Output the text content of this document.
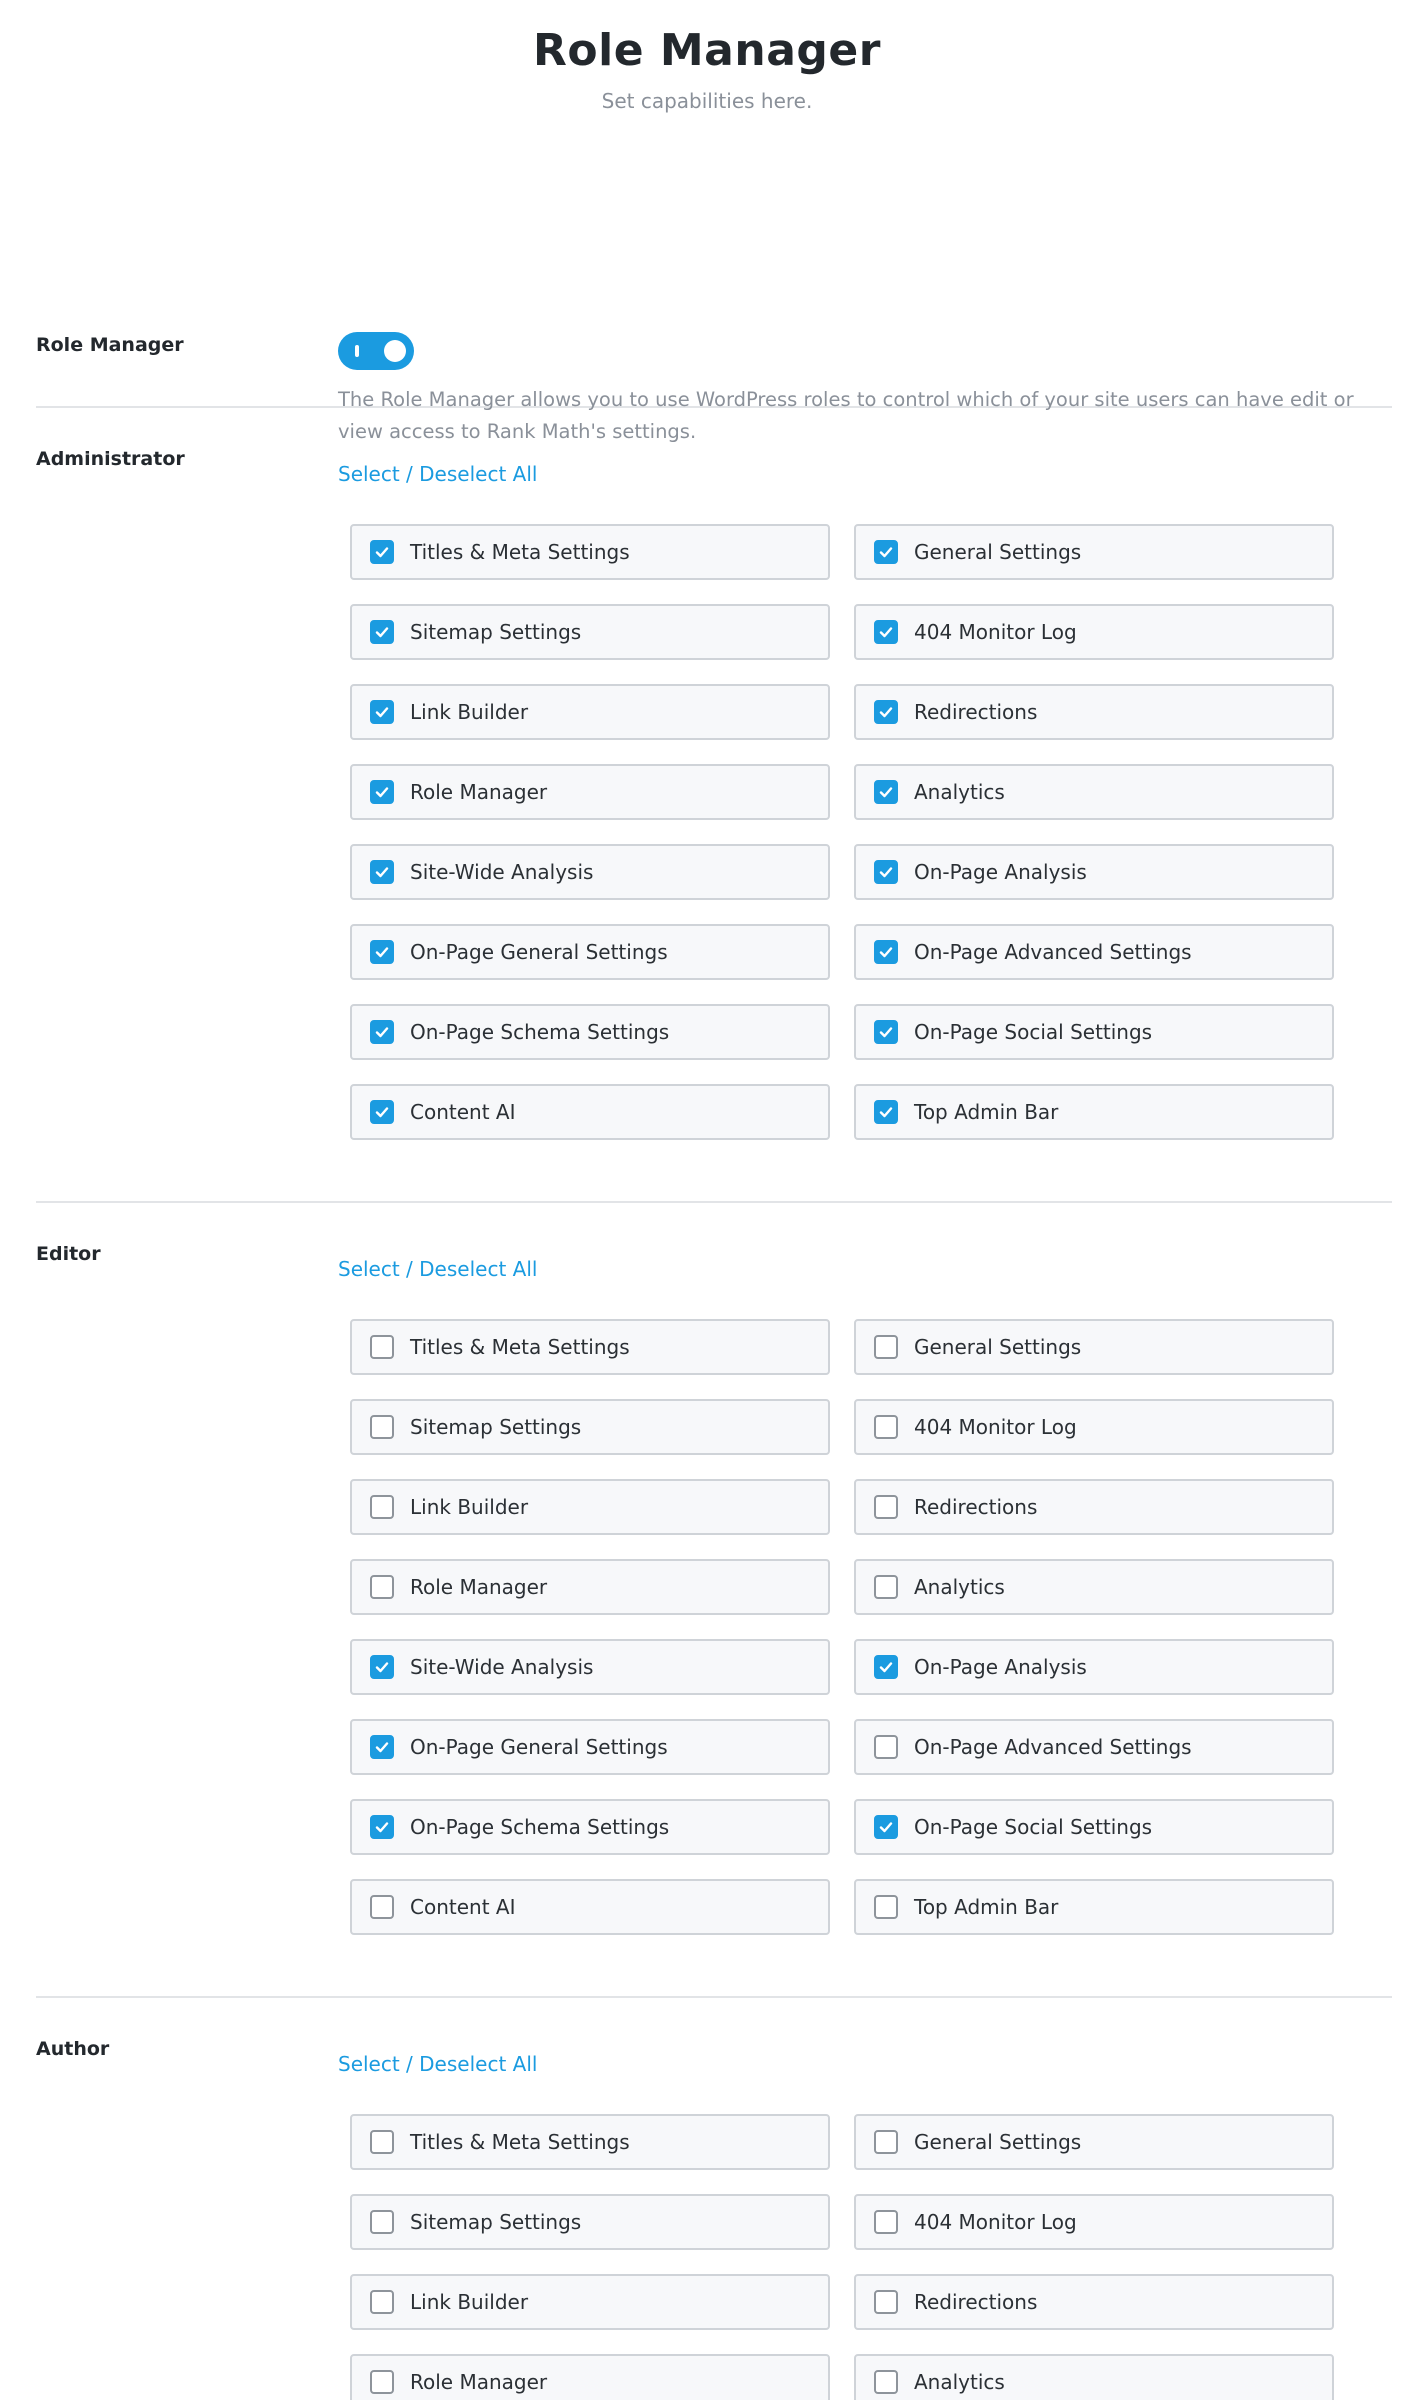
Role Manager
Set capabilities here.
Role Manager
The Role Manager allows you to use WordPress roles to control which of your site users can have edit or view access to Rank Math's settings.
Administrator
Select / Deselect All
Titles & Meta Settings	General Settings
Sitemap Settings	404 Monitor Log
Link Builder	Redirections
Role Manager	Analytics
Site-Wide Analysis	On-Page Analysis
On-Page General Settings	On-Page Advanced Settings
On-Page Schema Settings	On-Page Social Settings
Content AI	Top Admin Bar
Editor
Select / Deselect All
Titles & Meta Settings	General Settings
Sitemap Settings	404 Monitor Log
Link Builder	Redirections
Role Manager	Analytics
Site-Wide Analysis	On-Page Analysis
On-Page General Settings	On-Page Advanced Settings
On-Page Schema Settings	On-Page Social Settings
Content AI	Top Admin Bar
Author
Select / Deselect All
Titles & Meta Settings	General Settings
Sitemap Settings	404 Monitor Log
Link Builder	Redirections
Role Manager	Analytics
